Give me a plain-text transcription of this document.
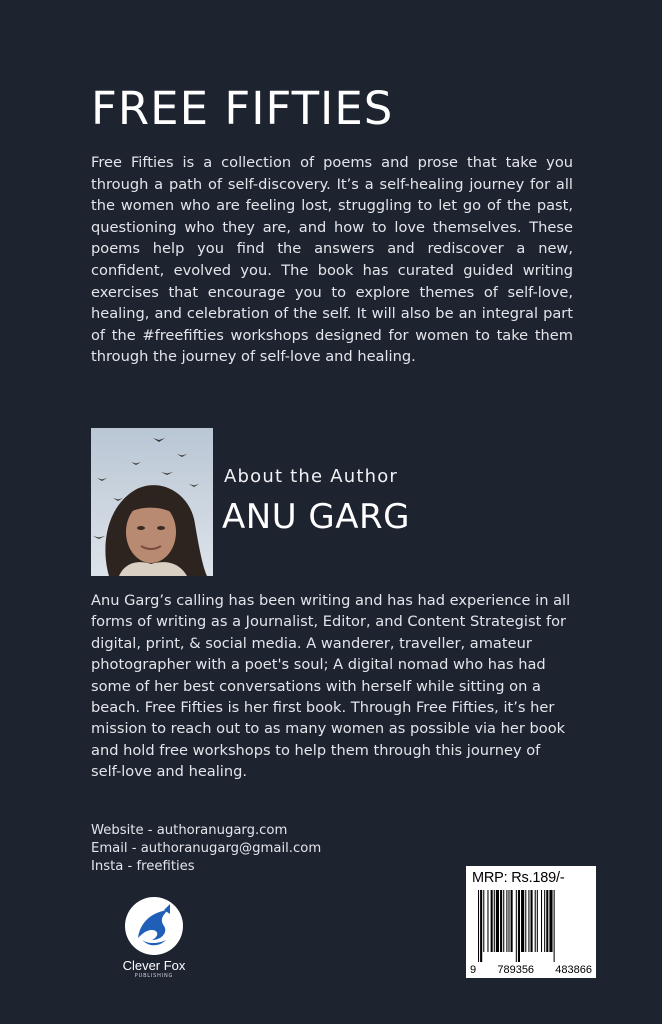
FREE FIFTIES

Free Fifties is a collection of poems and prose that take you through a path of self-discovery. It’s a self-healing journey for all the women who are feeling lost, struggling to let go of the past, questioning who they are, and how to love themselves. These poems help you find the answers and rediscover a new, confident, evolved you. The book has curated guided writing exercises that encourage you to explore themes of self-love, healing, and celebration of the self. It will also be an integral part of the #freefifties workshops designed for women to take them through the journey of self-love and healing.

About the Author
ANU GARG

Anu Garg’s calling has been writing and has had experience in all forms of writing as a Journalist, Editor, and Content Strategist for digital, print, & social media. A wanderer, traveller, amateur photographer with a poet's soul; A digital nomad who has had some of her best conversations with herself while sitting on a beach. Free Fifties is her first book. Through Free Fifties, it’s her mission to reach out to as many women as possible via her book and hold free workshops to help them through this journey of self-love and healing.

Website - authoranugarg.com
Email - authoranugarg@gmail.com
Insta - freefities
Clever Fox
PUBLISHING
MRP: Rs.189/-
9 789356 483866
